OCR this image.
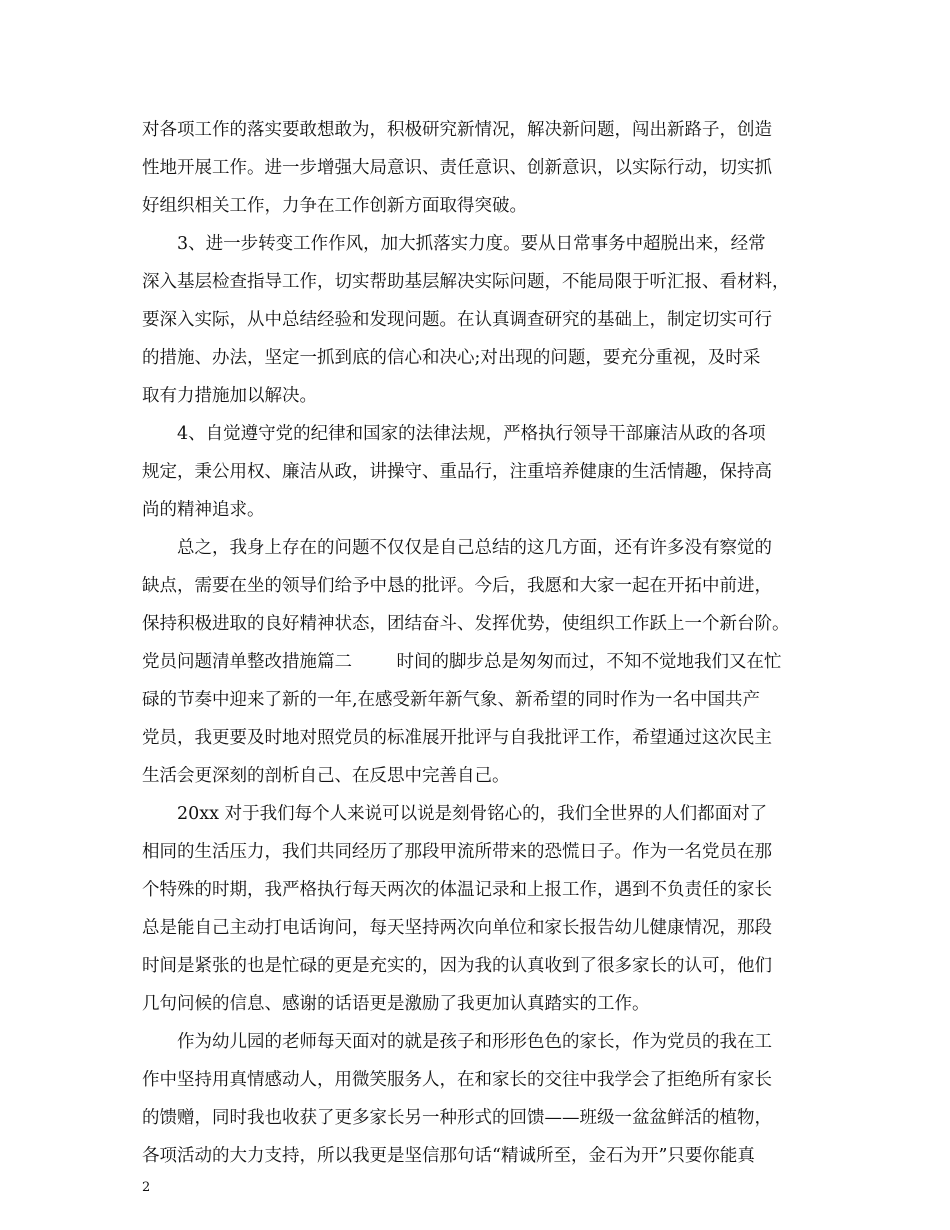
对各项工作的落实要敢想敢为，积极研究新情况，解决新问题，闯出新路子，创造
性地开展工作。进一步增强大局意识、责任意识、创新意识，以实际行动，切实抓
好组织相关工作，力争在工作创新方面取得突破。
3、进一步转变工作作风，加大抓落实力度。要从日常事务中超脱出来，经常
深入基层检查指导工作，切实帮助基层解决实际问题，不能局限于听汇报、看材料，
要深入实际，从中总结经验和发现问题。在认真调查研究的基础上，制定切实可行
的措施、办法，坚定一抓到底的信心和决心;对出现的问题，要充分重视，及时采
取有力措施加以解决。
4、自觉遵守党的纪律和国家的法律法规，严格执行领导干部廉洁从政的各项
规定，秉公用权、廉洁从政，讲操守、重品行，注重培养健康的生活情趣，保持高
尚的精神追求。
总之，我身上存在的问题不仅仅是自己总结的这几方面，还有许多没有察觉的
缺点，需要在坐的领导们给予中恳的批评。今后，我愿和大家一起在开拓中前进，
保持积极进取的良好精神状态，团结奋斗、发挥优势，使组织工作跃上一个新台阶。
党员问题清单整改措施篇二        时间的脚步总是匆匆而过，不知不觉地我们又在忙
碌的节奏中迎来了新的一年,在感受新年新气象、新希望的同时作为一名中国共产
党员，我更要及时地对照党员的标准展开批评与自我批评工作，希望通过这次民主
生活会更深刻的剖析自己、在反思中完善自己。
20xx 对于我们每个人来说可以说是刻骨铭心的，我们全世界的人们都面对了
相同的生活压力，我们共同经历了那段甲流所带来的恐慌日子。作为一名党员在那
个特殊的时期，我严格执行每天两次的体温记录和上报工作，遇到不负责任的家长
总是能自己主动打电话询问，每天坚持两次向单位和家长报告幼儿健康情况，那段
时间是紧张的也是忙碌的更是充实的，因为我的认真收到了很多家长的认可，他们
几句问候的信息、感谢的话语更是激励了我更加认真踏实的工作。
作为幼儿园的老师每天面对的就是孩子和形形色色的家长，作为党员的我在工
作中坚持用真情感动人，用微笑服务人，在和家长的交往中我学会了拒绝所有家长
的馈赠，同时我也收获了更多家长另一种形式的回馈——班级一盆盆鲜活的植物，
各项活动的大力支持，所以我更是坚信那句话“精诚所至，金石为开”只要你能真
2
